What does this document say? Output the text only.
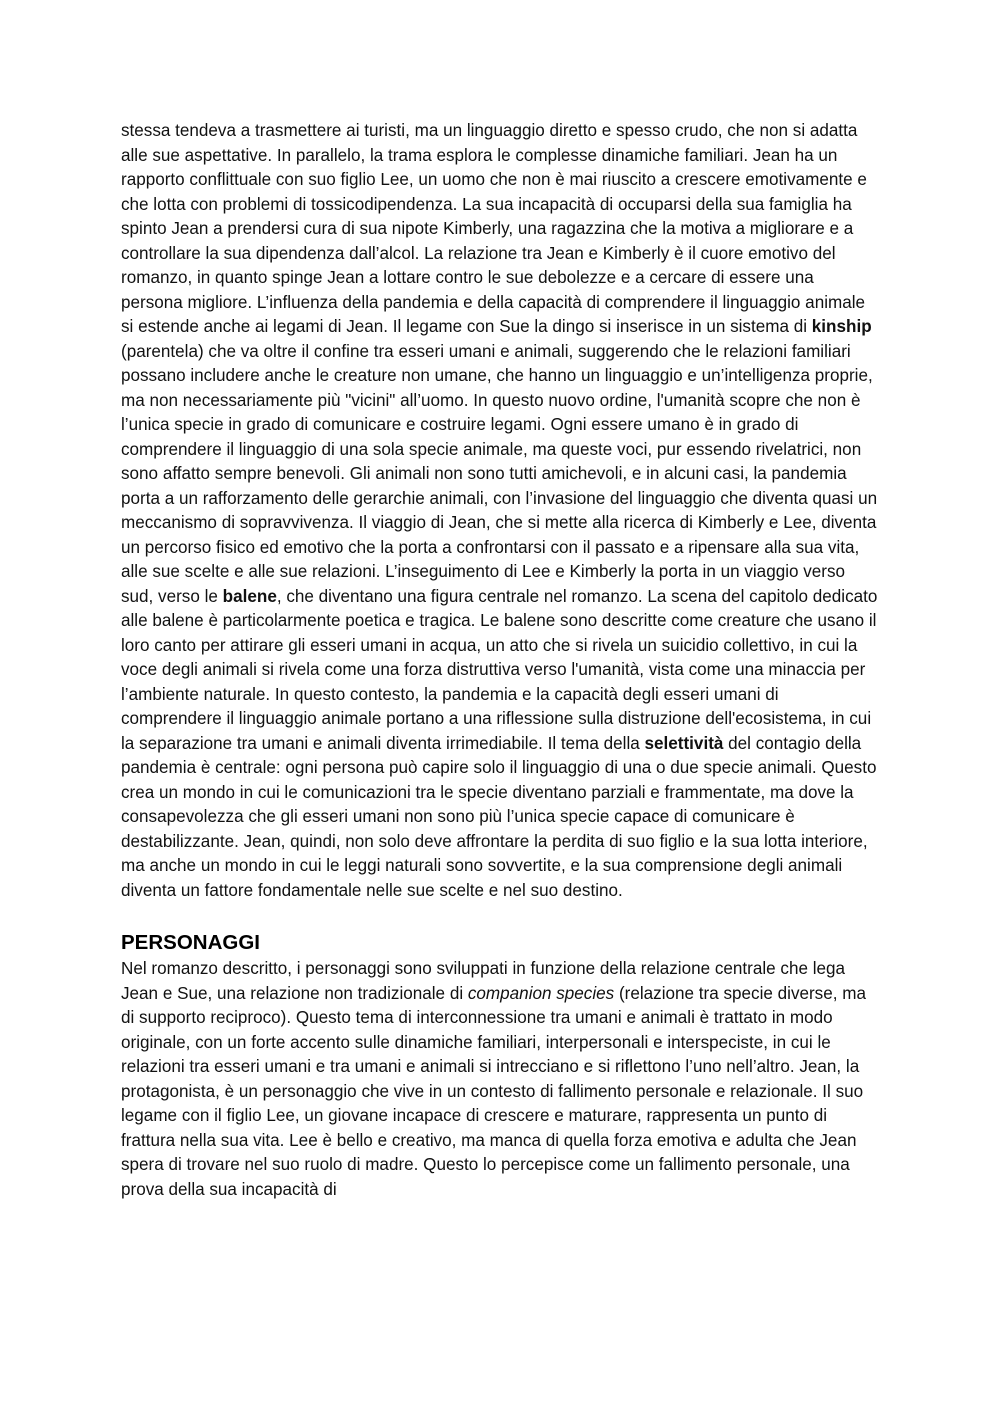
stessa tendeva a trasmettere ai turisti, ma un linguaggio diretto e spesso crudo, che non si adatta alle sue aspettative. In parallelo, la trama esplora le complesse dinamiche familiari. Jean ha un rapporto conflittuale con suo figlio Lee, un uomo che non è mai riuscito a crescere emotivamente e che lotta con problemi di tossicodipendenza. La sua incapacità di occuparsi della sua famiglia ha spinto Jean a prendersi cura di sua nipote Kimberly, una ragazzina che la motiva a migliorare e a controllare la sua dipendenza dall’alcol. La relazione tra Jean e Kimberly è il cuore emotivo del romanzo, in quanto spinge Jean a lottare contro le sue debolezze e a cercare di essere una persona migliore. L’influenza della pandemia e della capacità di comprendere il linguaggio animale si estende anche ai legami di Jean. Il legame con Sue la dingo si inserisce in un sistema di kinship (parentela) che va oltre il confine tra esseri umani e animali, suggerendo che le relazioni familiari possano includere anche le creature non umane, che hanno un linguaggio e un’intelligenza proprie, ma non necessariamente più "vicini" all’uomo. In questo nuovo ordine, l'umanità scopre che non è l’unica specie in grado di comunicare e costruire legami. Ogni essere umano è in grado di comprendere il linguaggio di una sola specie animale, ma queste voci, pur essendo rivelatrici, non sono affatto sempre benevoli. Gli animali non sono tutti amichevoli, e in alcuni casi, la pandemia porta a un rafforzamento delle gerarchie animali, con l’invasione del linguaggio che diventa quasi un meccanismo di sopravvivenza. Il viaggio di Jean, che si mette alla ricerca di Kimberly e Lee, diventa un percorso fisico ed emotivo che la porta a confrontarsi con il passato e a ripensare alla sua vita, alle sue scelte e alle sue relazioni. L’inseguimento di Lee e Kimberly la porta in un viaggio verso sud, verso le balene, che diventano una figura centrale nel romanzo. La scena del capitolo dedicato alle balene è particolarmente poetica e tragica. Le balene sono descritte come creature che usano il loro canto per attirare gli esseri umani in acqua, un atto che si rivela un suicidio collettivo, in cui la voce degli animali si rivela come una forza distruttiva verso l'umanità, vista come una minaccia per l’ambiente naturale. In questo contesto, la pandemia e la capacità degli esseri umani di comprendere il linguaggio animale portano a una riflessione sulla distruzione dell'ecosistema, in cui la separazione tra umani e animali diventa irrimediabile. Il tema della selettività del contagio della pandemia è centrale: ogni persona può capire solo il linguaggio di una o due specie animali. Questo crea un mondo in cui le comunicazioni tra le specie diventano parziali e frammentate, ma dove la consapevolezza che gli esseri umani non sono più l’unica specie capace di comunicare è destabilizzante. Jean, quindi, non solo deve affrontare la perdita di suo figlio e la sua lotta interiore, ma anche un mondo in cui le leggi naturali sono sovvertite, e la sua comprensione degli animali diventa un fattore fondamentale nelle sue scelte e nel suo destino.

PERSONAGGI

Nel romanzo descritto, i personaggi sono sviluppati in funzione della relazione centrale che lega Jean e Sue, una relazione non tradizionale di companion species (relazione tra specie diverse, ma di supporto reciproco). Questo tema di interconnessione tra umani e animali è trattato in modo originale, con un forte accento sulle dinamiche familiari, interpersonali e interspeciste, in cui le relazioni tra esseri umani e tra umani e animali si intrecciano e si riflettono l’uno nell’altro. Jean, la protagonista, è un personaggio che vive in un contesto di fallimento personale e relazionale. Il suo legame con il figlio Lee, un giovane incapace di crescere e maturare, rappresenta un punto di frattura nella sua vita. Lee è bello e creativo, ma manca di quella forza emotiva e adulta che Jean spera di trovare nel suo ruolo di madre. Questo lo percepisce come un fallimento personale, una prova della sua incapacità di
